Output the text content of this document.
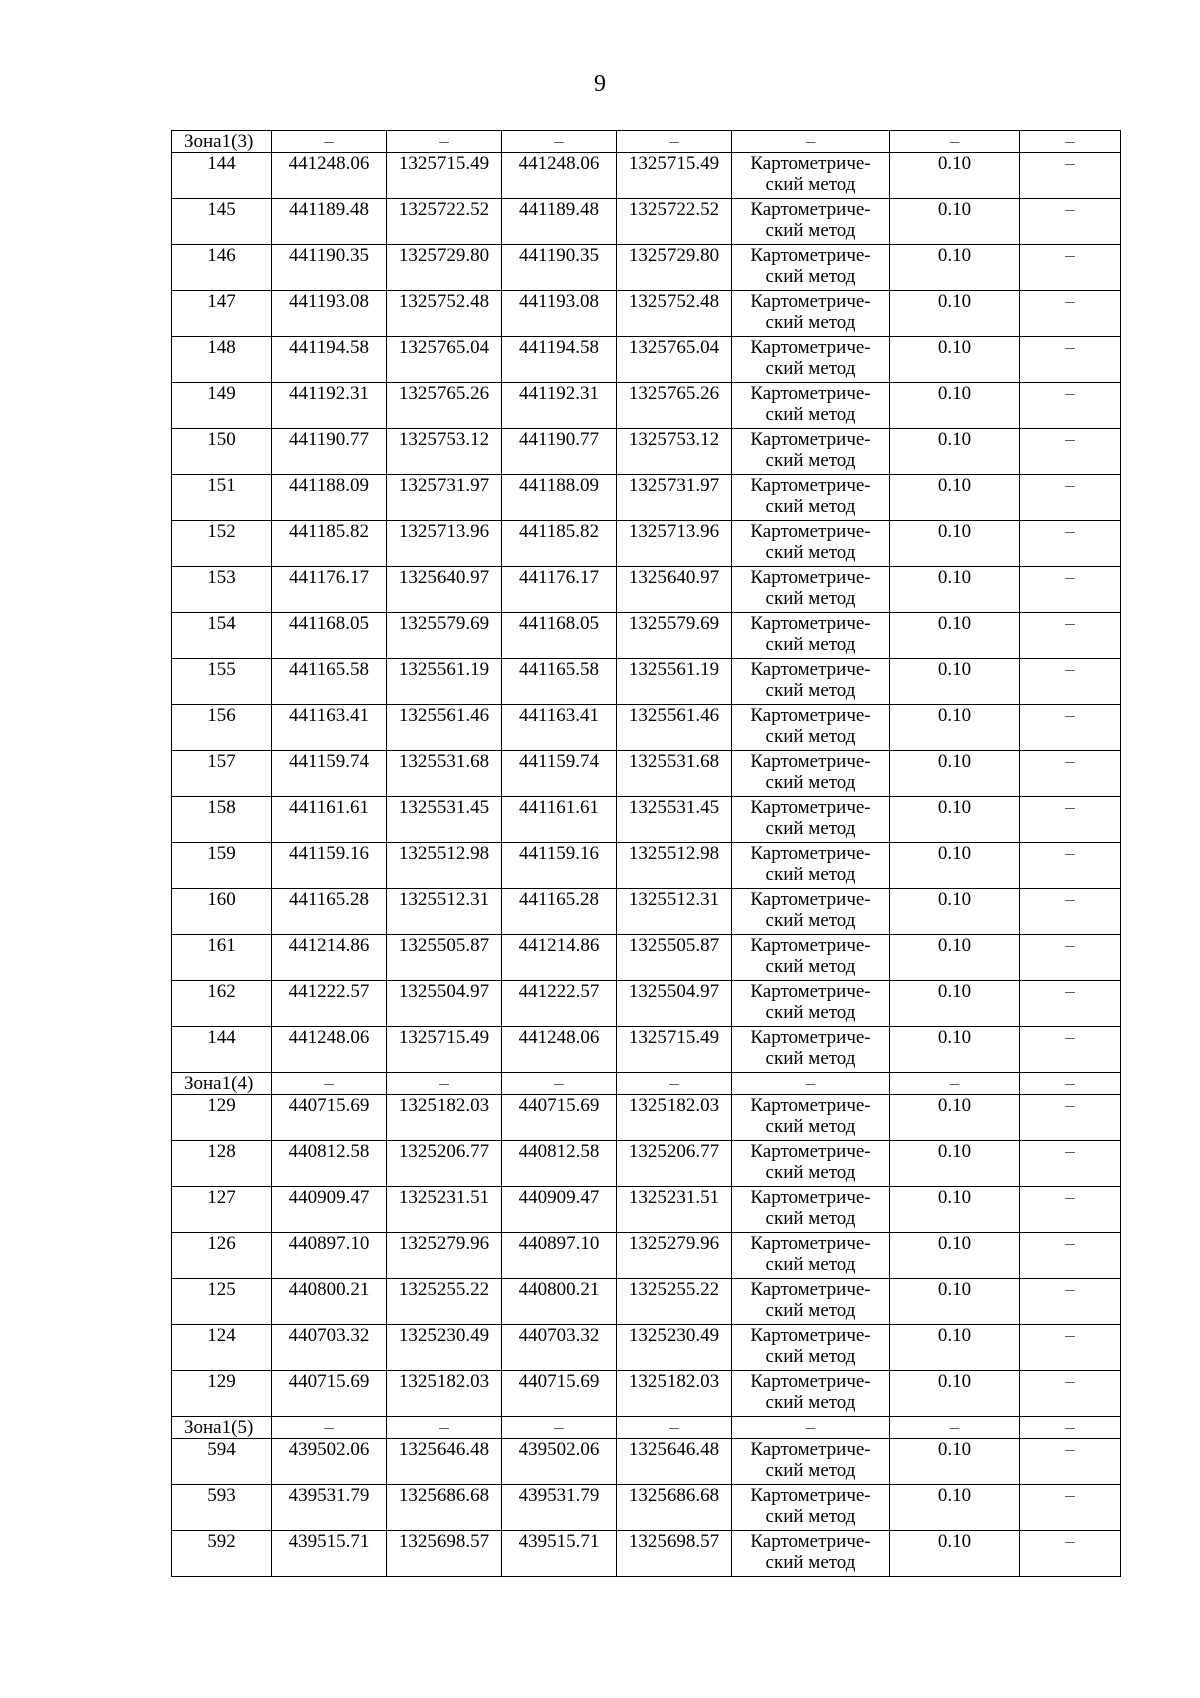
9
Зона1(3)	–	–	–	–	–	–	–
144	441248.06	1325715.49	441248.06	1325715.49	Картометриче-ский метод	0.10	–
145	441189.48	1325722.52	441189.48	1325722.52	Картометриче-ский метод	0.10	–
146	441190.35	1325729.80	441190.35	1325729.80	Картометриче-ский метод	0.10	–
147	441193.08	1325752.48	441193.08	1325752.48	Картометриче-ский метод	0.10	–
148	441194.58	1325765.04	441194.58	1325765.04	Картометриче-ский метод	0.10	–
149	441192.31	1325765.26	441192.31	1325765.26	Картометриче-ский метод	0.10	–
150	441190.77	1325753.12	441190.77	1325753.12	Картометриче-ский метод	0.10	–
151	441188.09	1325731.97	441188.09	1325731.97	Картометриче-ский метод	0.10	–
152	441185.82	1325713.96	441185.82	1325713.96	Картометриче-ский метод	0.10	–
153	441176.17	1325640.97	441176.17	1325640.97	Картометриче-ский метод	0.10	–
154	441168.05	1325579.69	441168.05	1325579.69	Картометриче-ский метод	0.10	–
155	441165.58	1325561.19	441165.58	1325561.19	Картометриче-ский метод	0.10	–
156	441163.41	1325561.46	441163.41	1325561.46	Картометриче-ский метод	0.10	–
157	441159.74	1325531.68	441159.74	1325531.68	Картометриче-ский метод	0.10	–
158	441161.61	1325531.45	441161.61	1325531.45	Картометриче-ский метод	0.10	–
159	441159.16	1325512.98	441159.16	1325512.98	Картометриче-ский метод	0.10	–
160	441165.28	1325512.31	441165.28	1325512.31	Картометриче-ский метод	0.10	–
161	441214.86	1325505.87	441214.86	1325505.87	Картометриче-ский метод	0.10	–
162	441222.57	1325504.97	441222.57	1325504.97	Картометриче-ский метод	0.10	–
144	441248.06	1325715.49	441248.06	1325715.49	Картометриче-ский метод	0.10	–
Зона1(4)	–	–	–	–	–	–	–
129	440715.69	1325182.03	440715.69	1325182.03	Картометриче-ский метод	0.10	–
128	440812.58	1325206.77	440812.58	1325206.77	Картометриче-ский метод	0.10	–
127	440909.47	1325231.51	440909.47	1325231.51	Картометриче-ский метод	0.10	–
126	440897.10	1325279.96	440897.10	1325279.96	Картометриче-ский метод	0.10	–
125	440800.21	1325255.22	440800.21	1325255.22	Картометриче-ский метод	0.10	–
124	440703.32	1325230.49	440703.32	1325230.49	Картометриче-ский метод	0.10	–
129	440715.69	1325182.03	440715.69	1325182.03	Картометриче-ский метод	0.10	–
Зона1(5)	–	–	–	–	–	–	–
594	439502.06	1325646.48	439502.06	1325646.48	Картометриче-ский метод	0.10	–
593	439531.79	1325686.68	439531.79	1325686.68	Картометриче-ский метод	0.10	–
592	439515.71	1325698.57	439515.71	1325698.57	Картометриче-ский метод	0.10	–
